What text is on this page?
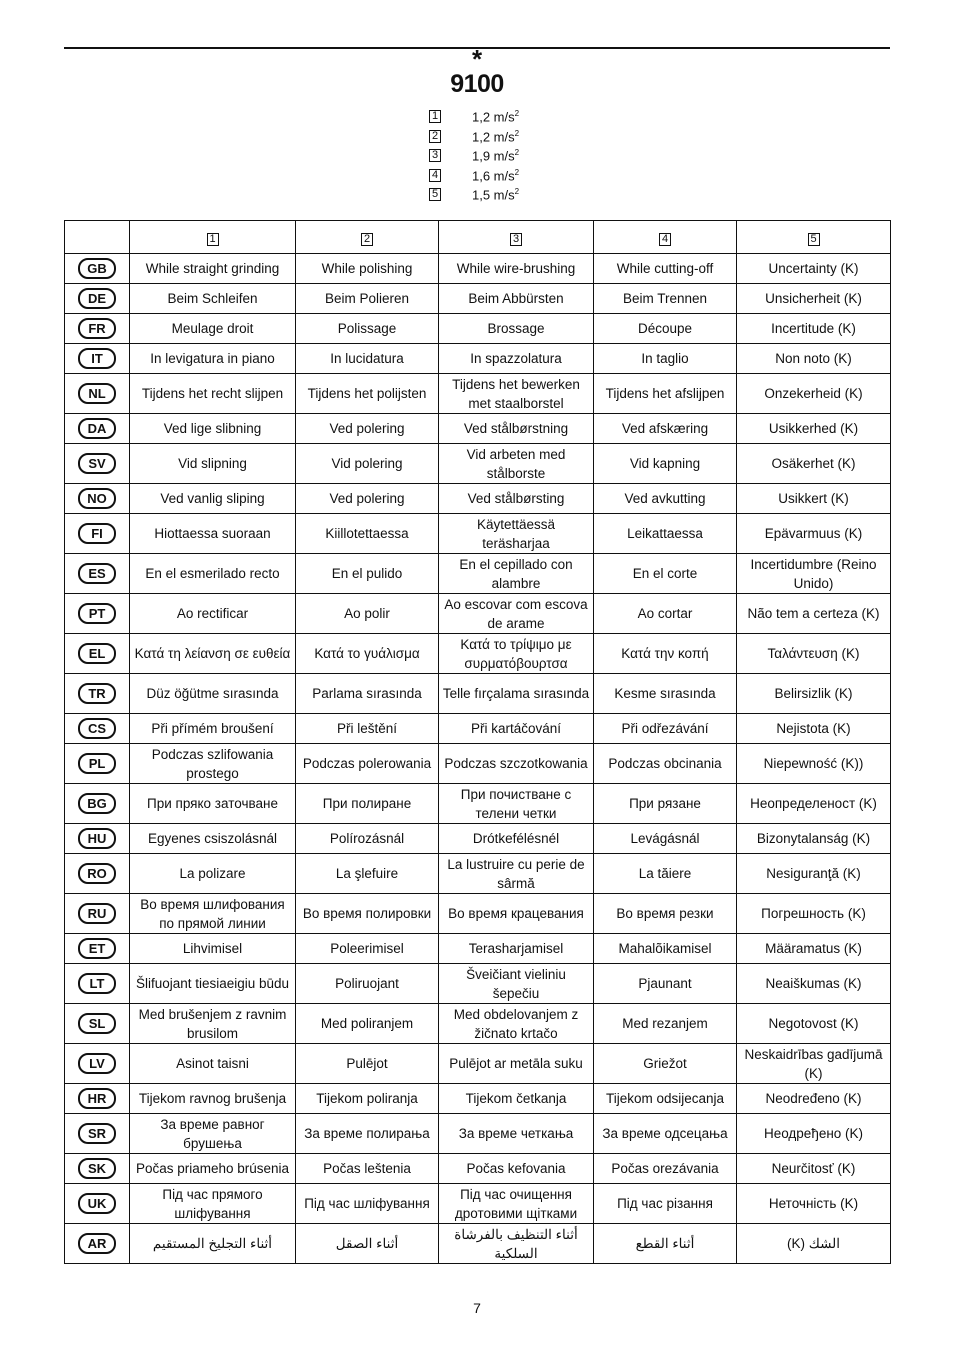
*
9100
1	1,2 $m/s^2$
2	1,2 $m/s^2$
3	1,9 $m/s^2$
4	1,6 $m/s^2$
5	1,5 $m/s^2$
	1	2	3	4	5
GB	While straight grinding	While polishing	While wire-brushing	While cutting-off	Uncertainty (K)
DE	Beim Schleifen	Beim Polieren	Beim Abbürsten	Beim Trennen	Unsicherheit (K)
FR	Meulage droit	Polissage	Brossage	Découpe	Incertitude (K)
IT	In levigatura in piano	In lucidatura	In spazzolatura	In taglio	Non noto (K)
NL	Tijdens het recht slijpen	Tijdens het polijsten	Tijdens het bewerken met staalborstel	Tijdens het afslijpen	Onzekerheid (K)
DA	Ved lige slibning	Ved polering	Ved stålbørstning	Ved afskæring	Usikkerhed (K)
SV	Vid slipning	Vid polering	Vid arbeten med stålborste	Vid kapning	Osäkerhet (K)
NO	Ved vanlig sliping	Ved polering	Ved stålbørsting	Ved avkutting	Usikkert (K)
FI	Hiottaessa suoraan	Kiillotettaessa	Käytettäessä teräsharjaa	Leikattaessa	Epävarmuus (K)
ES	En el esmerilado recto	En el pulido	En el cepillado con alambre	En el corte	Incertidumbre (Reino Unido)
PT	Ao rectificar	Ao polir	Ao escovar com escova de arame	Ao cortar	Não tem a certeza (K)
EL	Κατά τη λείανση σε ευθεία	Κατά το γυάλισμα	Κατά το τρίψιμο με συρματόβουρτσα	Κατά την κοπή	Ταλάντευση (K)
TR	Düz öğütme sırasında	Parlama sırasında	Telle fırçalama sırasında	Kesme sırasında	Belirsizlik (K)
CS	Při přímém broušení	Při leštění	Při kartáčování	Při odřezávání	Nejistota (K)
PL	Podczas szlifowania prostego	Podczas polerowania	Podczas szczotkowania	Podczas obcinania	Niepewność (K))
BG	При пряко заточване	При полиране	При почистване с телени четки	При рязане	Неопределеност (K)
HU	Egyenes csiszolásnál	Polírozásnál	Drótkefélésnél	Levágásnál	Bizonytalanság (K)
RO	La polizare	La şlefuire	La lustruire cu perie de sârmă	La tăiere	Nesiguranţă (K)
RU	Во время шлифования по прямой линии	Во время полировки	Во время крацевания	Во время резки	Погрешность (K)
ET	Lihvimisel	Poleerimisel	Terasharjamisel	Mahalõikamisel	Määramatus (K)
LT	Šlifuojant tiesiaeigiu būdu	Poliruojant	Šveičiant vieliniu šepečiu	Pjaunant	Neaiškumas (K)
SL	Med brušenjem z ravnim brusilom	Med poliranjem	Med obdelovanjem z žičnato krtačo	Med rezanjem	Negotovost (K)
LV	Asinot taisni	Pulējot	Pulējot ar metāla suku	Griežot	Neskaidrības gadījumā (K)
HR	Tijekom ravnog brušenja	Tijekom poliranja	Tijekom četkanja	Tijekom odsijecanja	Neodređeno (K)
SR	За време равног брушења	За време полирања	За време четкања	За време одсецања	Неодређено (K)
SK	Počas priameho brúsenia	Počas leštenia	Počas kefovania	Počas orezávania	Neurčitosť (K)
UK	Під час прямого шліфування	Під час шліфування	Під час очищення дротовими щітками	Під час різання	Неточність (K)
AR	أثناء التجليخ المستقيم	أثناء الصقل	أثناء التنظيف بالفرشاة السلكية	أثناء القطع	الشك (K)
7
